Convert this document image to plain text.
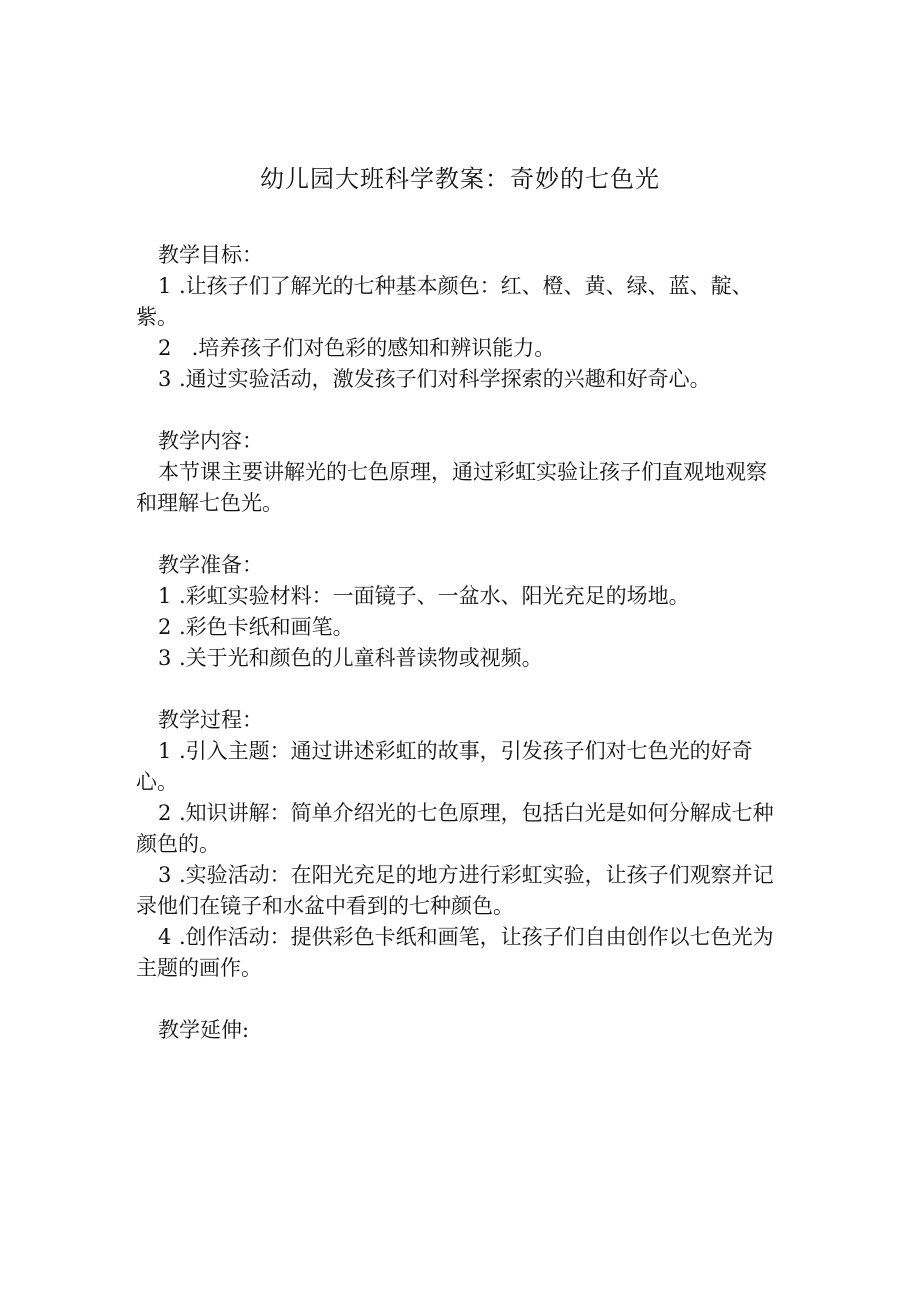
幼儿园大班科学教案：奇妙的七色光
教学目标：
1 .让孩子们了解光的七种基本颜色：红、橙、黄、绿、蓝、靛、紫。
2 .培养孩子们对色彩的感知和辨识能力。
3 .通过实验活动，激发孩子们对科学探索的兴趣和好奇心。
教学内容：
本节课主要讲解光的七色原理，通过彩虹实验让孩子们直观地观察和理解七色光。
教学准备：
1 .彩虹实验材料：一面镜子、一盆水、阳光充足的场地。
2 .彩色卡纸和画笔。
3 .关于光和颜色的儿童科普读物或视频。
教学过程：
1 .引入主题：通过讲述彩虹的故事，引发孩子们对七色光的好奇心。
2 .知识讲解：简单介绍光的七色原理，包括白光是如何分解成七种颜色的。
3 .实验活动：在阳光充足的地方进行彩虹实验，让孩子们观察并记录他们在镜子和水盆中看到的七种颜色。
4 .创作活动：提供彩色卡纸和画笔，让孩子们自由创作以七色光为主题的画作。
教学延伸:
